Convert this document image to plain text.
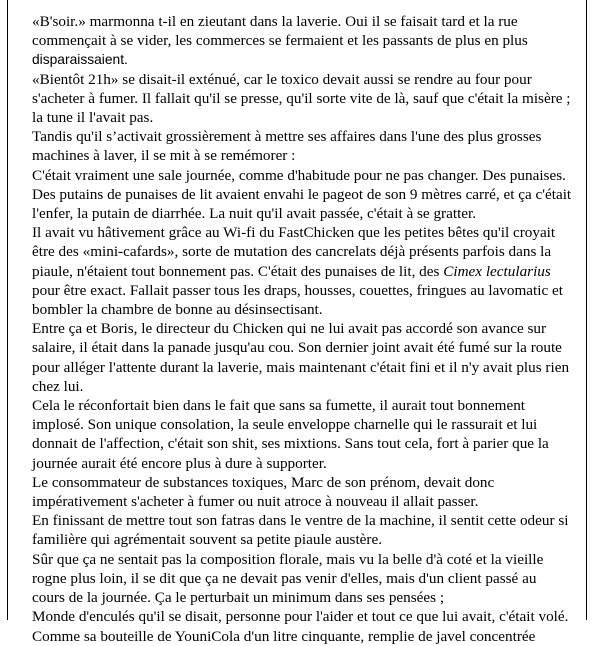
«B'soir.» marmonna t-il en zieutant dans la laverie. Oui il se faisait tard et la rue commençait à se vider, les commerces se fermaient et les passants de plus en plus disparaissaient.

«Bientôt 21h» se disait-il exténué, car le toxico devait aussi se rendre au four pour s'acheter à fumer. Il fallait qu'il se presse, qu'il sorte vite de là, sauf que c'était la misère ; la tune il l'avait pas.

Tandis qu'il s’activait grossièrement à mettre ses affaires dans l'une des plus grosses machines à laver, il se mit à se remémorer :

C'était vraiment une sale journée, comme d'habitude pour ne pas changer. Des punaises. Des putains de punaises de lit avaient envahi le pageot de son 9 mètres carré, et ça c'était l'enfer, la putain de diarrhée. La nuit qu'il avait passée, c'était à se gratter.

Il avait vu hâtivement grâce au Wi-fi du FastChicken que les petites bêtes qu'il croyait être des «mini-cafards», sorte de mutation des cancrelats déjà présents parfois dans la piaule, n'étaient tout bonnement pas. C'était des punaises de lit, des Cimex lectularius pour être exact. Fallait passer tous les draps, housses, couettes, fringues au lavomatic et bombler la chambre de bonne au désinsectisant.

Entre ça et Boris, le directeur du Chicken qui ne lui avait pas accordé son avance sur salaire, il était dans la panade jusqu'au cou. Son dernier joint avait été fumé sur la route pour alléger l'attente durant la laverie, mais maintenant c'était fini et il n'y avait plus rien chez lui.

Cela le réconfortait bien dans le fait que sans sa fumette, il aurait tout bonnement implosé. Son unique consolation, la seule enveloppe charnelle qui le rassurait et lui donnait de l'affection, c'était son shit, ses mixtions. Sans tout cela, fort à parier que la journée aurait été encore plus à dure à supporter.

Le consommateur de substances toxiques, Marc de son prénom, devait donc impérativement s'acheter à fumer ou nuit atroce à nouveau il allait passer.

En finissant de mettre tout son fatras dans le ventre de la machine, il sentit cette odeur si familière qui agrémentait souvent sa petite piaule austère.

Sûr que ça ne sentait pas la composition florale, mais vu la belle d'à coté et la vieille rogne plus loin, il se dit que ça ne devait pas venir d'elles, mais d'un client passé au cours de la journée. Ça le perturbait un minimum dans ses pensées ;

Monde d'enculés qu'il se disait, personne pour l'aider et tout ce que lui avait, c'était volé.

Comme sa bouteille de YouniCola d'un litre cinquante, remplie de javel concentrée
